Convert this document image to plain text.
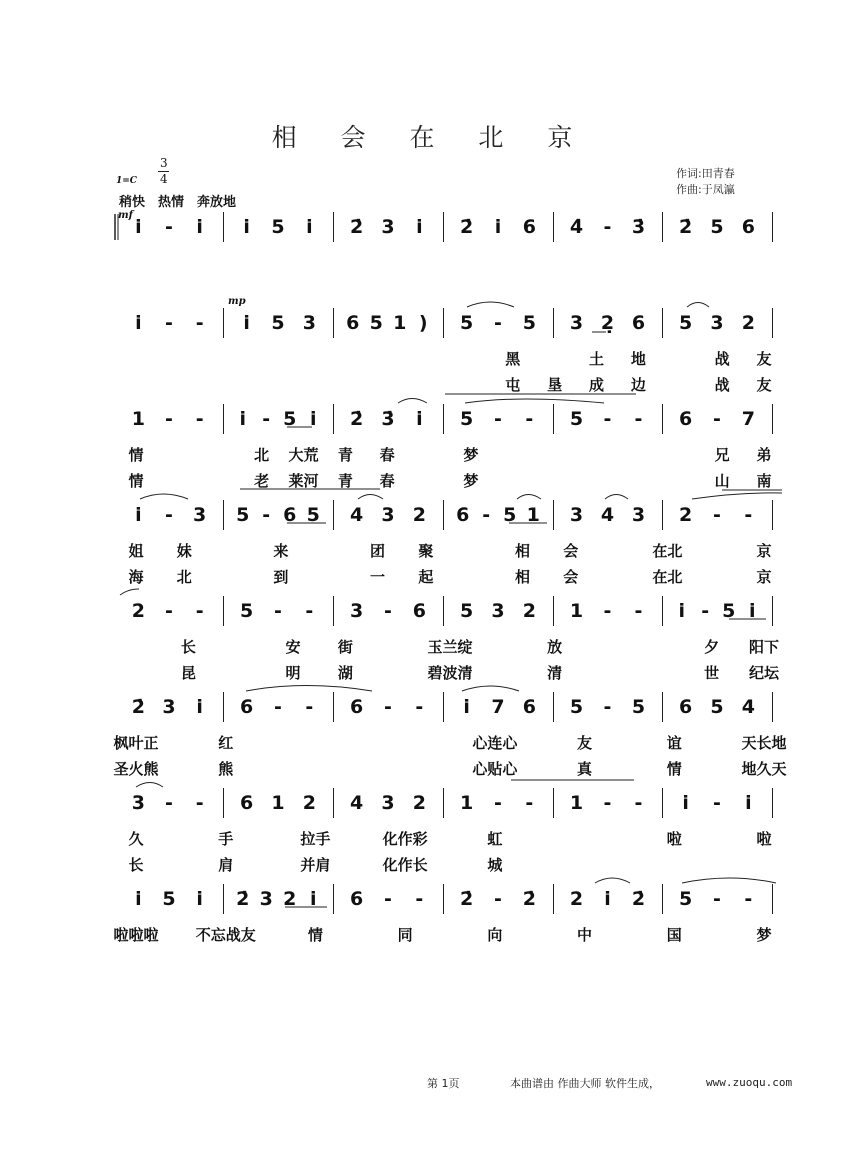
相 会 在 北 京
作词:田青春
作曲:于凤瀛
1=C
3
4
稍快　热情　奔放地
mf
mp
i - i i 5 i 2̇ 3 i 2̇ i 6 4̇ - 3̇ 2̇ 5 6
i - - i 5 3 6 5 1 ) 5 - 5 3 2̣ 6 5 3 2
黑	土 地	战 友
屯 垦 成 边	战 友
1 - - i - 5 i 2̇ 3̇ i 5 - - 5 - - 6 - 7
情	北 大荒 青 春	梦	兄 弟
情	老 莱河 青 春	梦	山 南
i - 3 5 - 6 5 4 3 2 6 - 5 1 3 4 3 2 - -
姐 妹	来	团 聚	相 会	在北	京
海 北	到	一 起	相 会	在北	京
2 - - 5 - - 3 - 6 5 3 2 1 - - i - 5 i
长	安 街	玉兰绽	放	夕 阳下
昆	明 湖	碧波清	清	世 纪坛
2̇ 3 i 6 - - 6 - - i 7 6 5 - 5 6 5 4
枫叶正	红	心连心	友	谊	天长地
圣火熊	熊	心贴心	真	情	地久天
3 - - 6 1 2 4 3 2 1 - - 1 - - i - i
久	手	拉手	化作彩	虹	啦	啦
长	肩	并肩	化作长	城
i 5 i 2̇ 3 2 i 6 - - 2̇ - 2̇ 2 i 2̇ 5 - -
啦啦啦 不忘战友	情	同	向	中	国	梦
第 1页	本曲谱由 作曲大师 软件生成，	www.zuoqu.com
